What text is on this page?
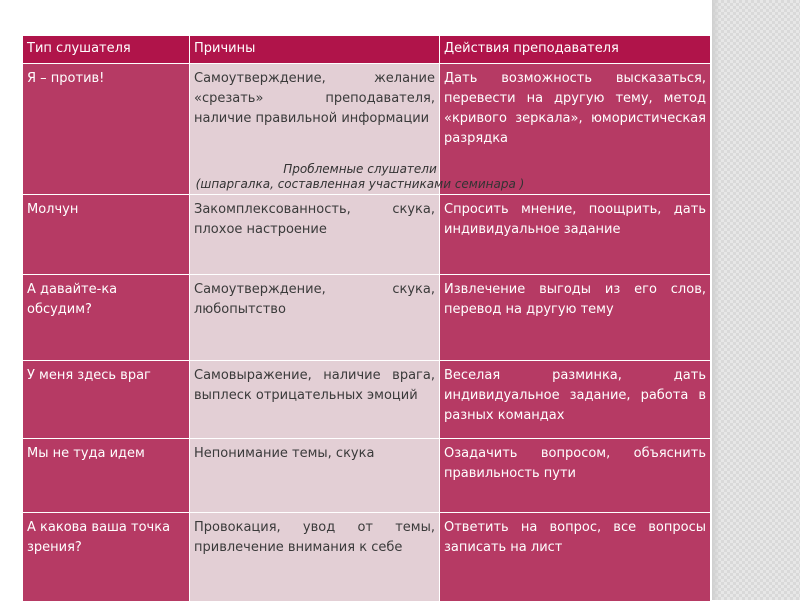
Тип слушателя	Причины	Действия преподавателя
Я – против!	Самоутверждение, желание «срезать» преподавателя, наличие правильной информации	Дать возможность высказаться, перевести на другую тему, метод «кривого зеркала», юмористическая разрядка
Молчун	Закомплексованность, скука, плохое настроение	Спросить мнение, поощрить, дать индивидуальное задание
А давайте-ка обсудим?	Самоутверждение, скука, любопытство	Извлечение выгоды из его слов, перевод на другую тему
У меня здесь враг	Самовыражение, наличие врага, выплеск отрицательных эмоций	Веселая разминка, дать индивидуальное задание, работа в разных командах
Мы не туда идем	Непонимание темы, скука	Озадачить вопросом, объяснить правильность пути
А какова ваша точка зрения?	Провокация, увод от темы, привлечение внимания к себе	Ответить на вопрос, все вопросы записать на лист
Проблемные слушатели
(шпаргалка, составленная участниками семинара )
